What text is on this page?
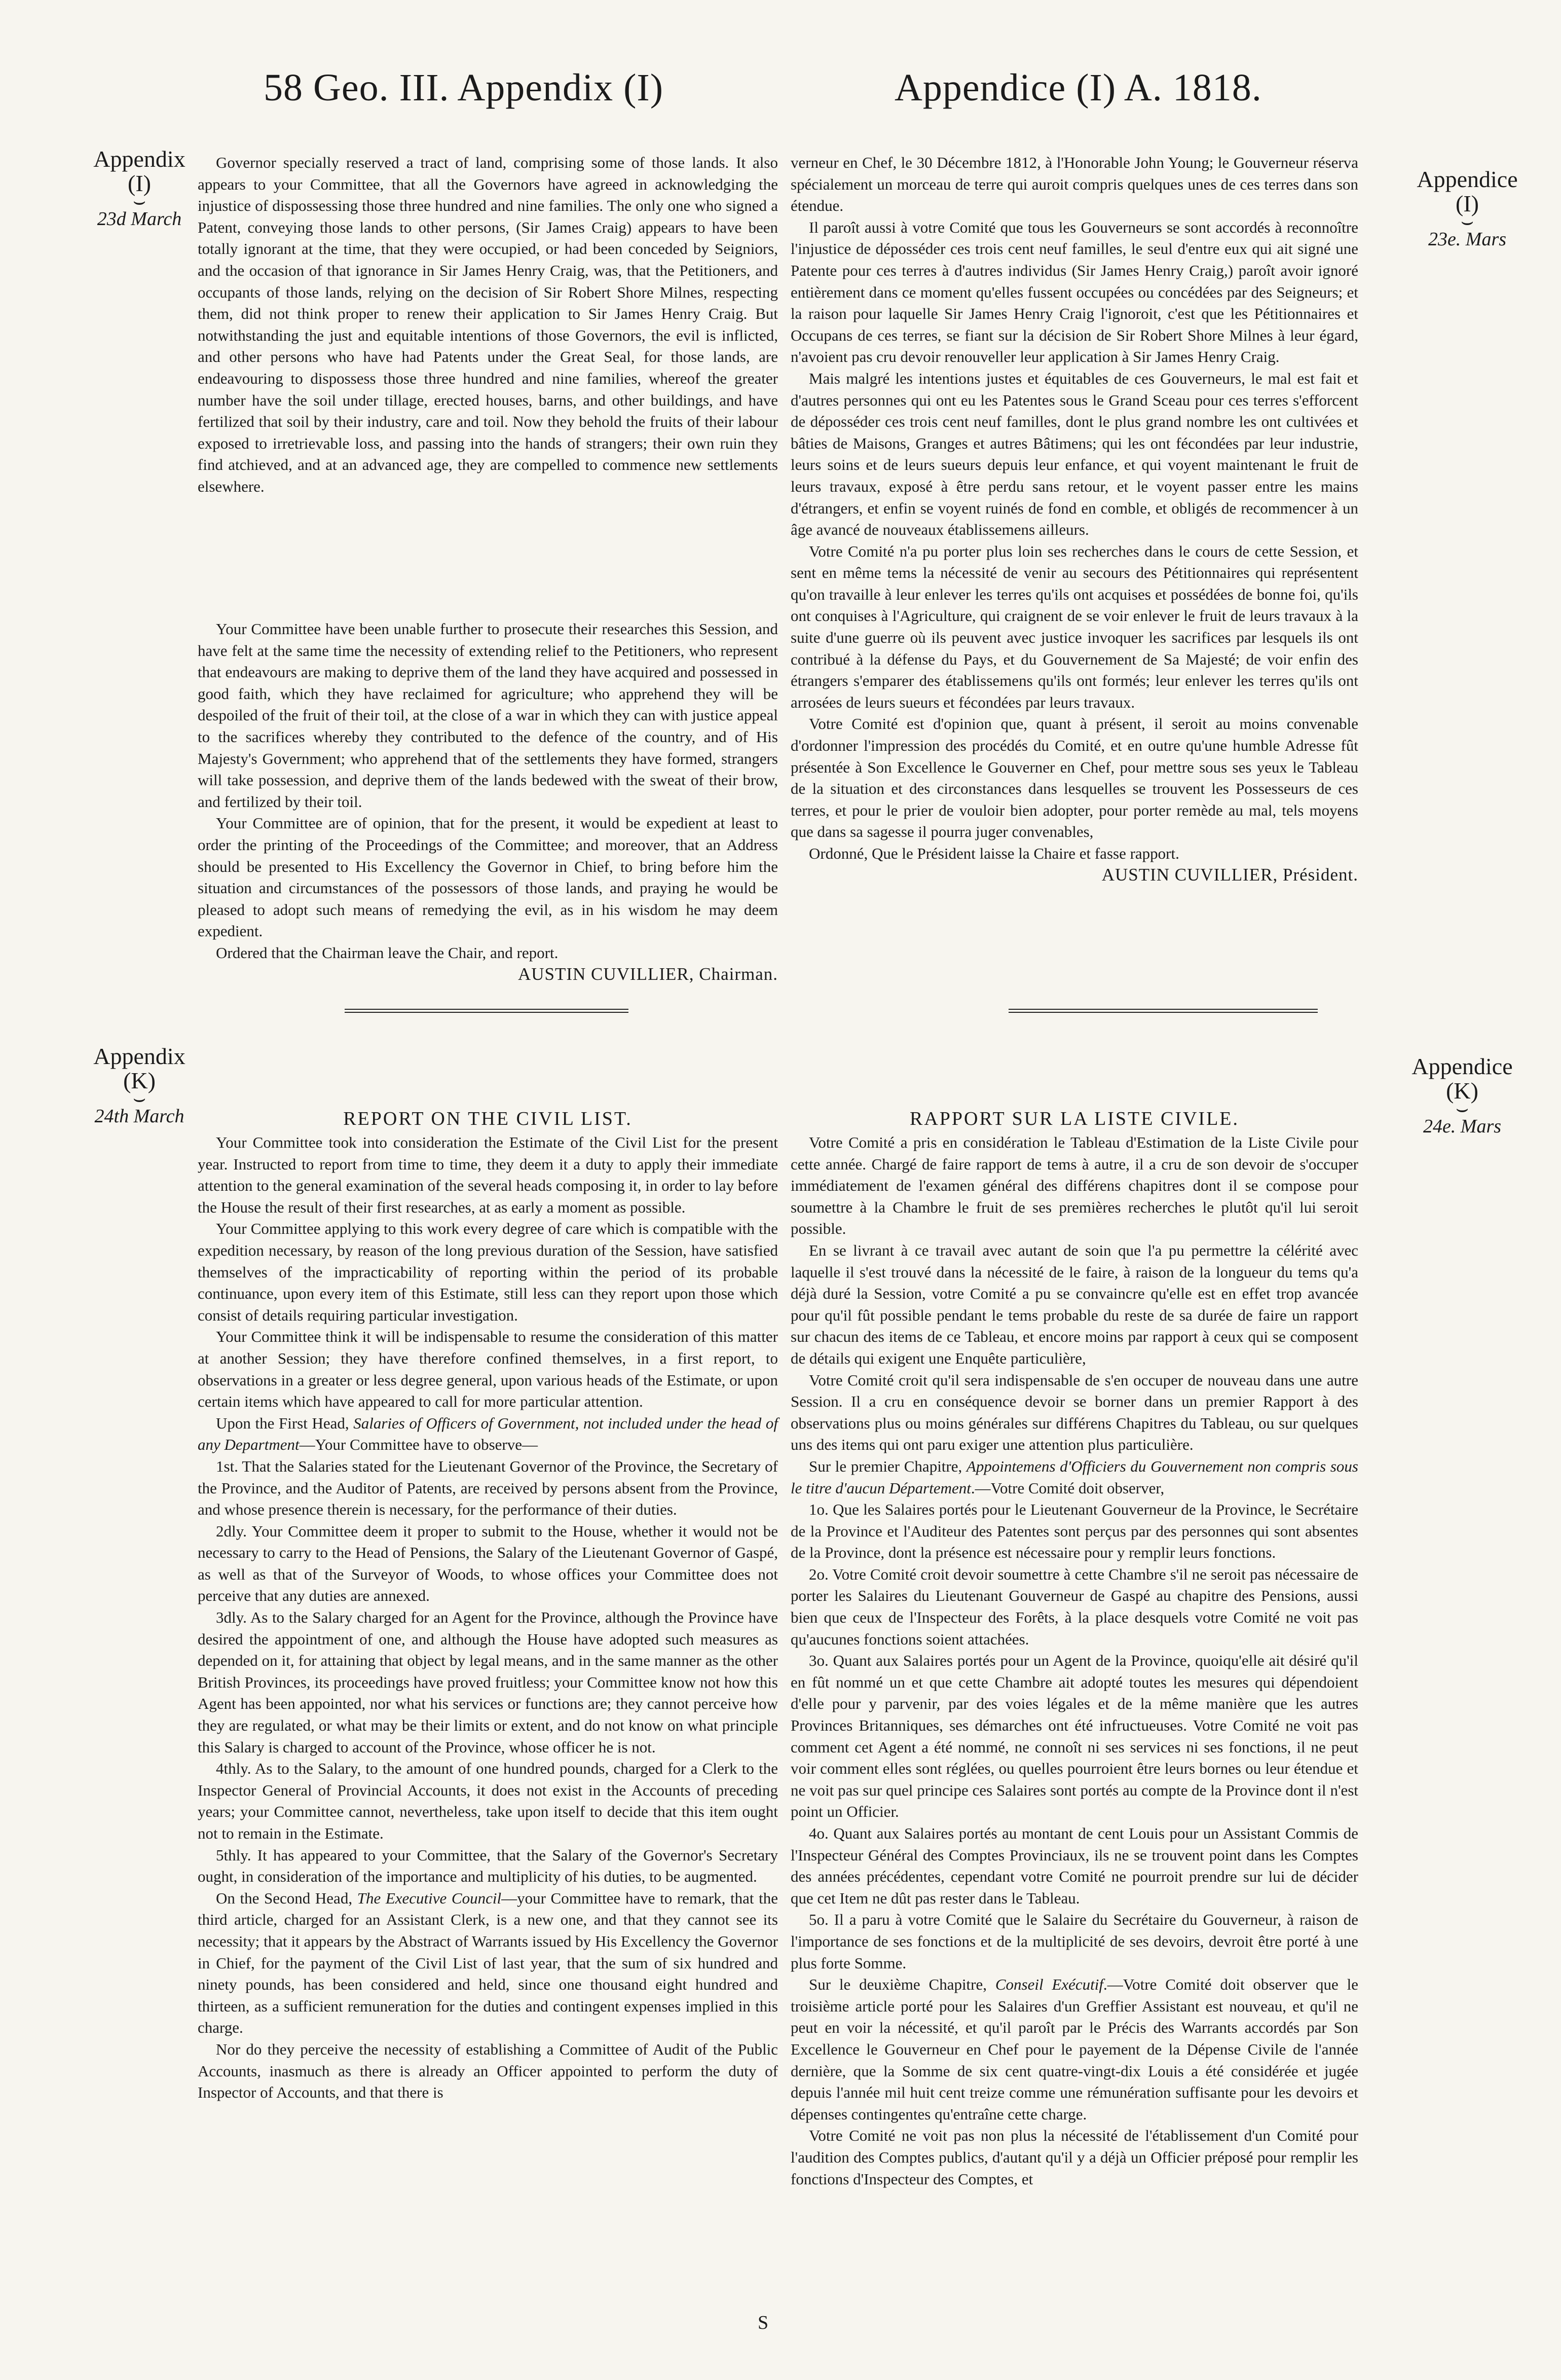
58 Geo. III. Appendix (I)	Appendice (I) A. 1818.
Appendix
(I)
⌣
23d March
Appendice
(I)
⌣
23e. Mars
Appendix
(K)
⌣
24th March
Appendice
(K)
⌣
24e. Mars

Governor specially reserved a tract of land, comprising some of those lands. It also appears to your Committee, that all the Governors have agreed in acknowledging the injustice of dispossessing those three hundred and nine families. The only one who signed a Patent, conveying those lands to other persons, (Sir James Craig) appears to have been totally ignorant at the time, that they were occupied, or had been conceded by Seigniors, and the occasion of that ignorance in Sir James Henry Craig, was, that the Petitioners, and occupants of those lands, relying on the decision of Sir Robert Shore Milnes, respecting them, did not think proper to renew their application to Sir James Henry Craig. But notwithstanding the just and equitable intentions of those Governors, the evil is inflicted, and other persons who have had Patents under the Great Seal, for those lands, are endeavouring to dispossess those three hundred and nine families, whereof the greater number have the soil under tillage, erected houses, barns, and other buildings, and have fertilized that soil by their industry, care and toil. Now they behold the fruits of their labour exposed to irretrievable loss, and passing into the hands of strangers; their own ruin they find atchieved, and at an advanced age, they are compelled to commence new settlements elsewhere.

Your Committee have been unable further to prosecute their researches this Session, and have felt at the same time the necessity of extending relief to the Petitioners, who represent that endeavours are making to deprive them of the land they have acquired and possessed in good faith, which they have reclaimed for agriculture; who apprehend they will be despoiled of the fruit of their toil, at the close of a war in which they can with justice appeal to the sacrifices whereby they contributed to the defence of the country, and of His Majesty's Government; who apprehend that of the settlements they have formed, strangers will take possession, and deprive them of the lands bedewed with the sweat of their brow, and fertilized by their toil.

Your Committee are of opinion, that for the present, it would be expedient at least to order the printing of the Proceedings of the Committee; and moreover, that an Address should be presented to His Excellency the Governor in Chief, to bring before him the situation and circumstances of the possessors of those lands, and praying he would be pleased to adopt such means of remedying the evil, as in his wisdom he may deem expedient.

Ordered that the Chairman leave the Chair, and report.

AUSTIN CUVILLIER, Chairman.

verneur en Chef, le 30 Décembre 1812, à l'Honorable John Young; le Gouverneur réserva spécialement un morceau de terre qui auroit compris quelques unes de ces terres dans son étendue.

Il paroît aussi à votre Comité que tous les Gouverneurs se sont accordés à reconnoître l'injustice de déposséder ces trois cent neuf familles, le seul d'entre eux qui ait signé une Patente pour ces terres à d'autres individus (Sir James Henry Craig,) paroît avoir ignoré entièrement dans ce moment qu'elles fussent occupées ou concédées par des Seigneurs; et la raison pour laquelle Sir James Henry Craig l'ignoroit, c'est que les Pétitionnaires et Occupans de ces terres, se fiant sur la décision de Sir Robert Shore Milnes à leur égard, n'avoient pas cru devoir renouveller leur application à Sir James Henry Craig.

Mais malgré les intentions justes et équitables de ces Gouverneurs, le mal est fait et d'autres personnes qui ont eu les Patentes sous le Grand Sceau pour ces terres s'efforcent de déposséder ces trois cent neuf familles, dont le plus grand nombre les ont cultivées et bâties de Maisons, Granges et autres Bâtimens; qui les ont fécondées par leur industrie, leurs soins et de leurs sueurs depuis leur enfance, et qui voyent maintenant le fruit de leurs travaux, exposé à être perdu sans retour, et le voyent passer entre les mains d'étrangers, et enfin se voyent ruinés de fond en comble, et obligés de recommencer à un âge avancé de nouveaux établissemens ailleurs.

Votre Comité n'a pu porter plus loin ses recherches dans le cours de cette Session, et sent en même tems la nécessité de venir au secours des Pétitionnaires qui représentent qu'on travaille à leur enlever les terres qu'ils ont acquises et possédées de bonne foi, qu'ils ont conquises à l'Agriculture, qui craignent de se voir enlever le fruit de leurs travaux à la suite d'une guerre où ils peuvent avec justice invoquer les sacrifices par lesquels ils ont contribué à la défense du Pays, et du Gouvernement de Sa Majesté; de voir enfin des étrangers s'emparer des établissemens qu'ils ont formés; leur enlever les terres qu'ils ont arrosées de leurs sueurs et fécondées par leurs travaux.

Votre Comité est d'opinion que, quant à présent, il seroit au moins convenable d'ordonner l'impression des procédés du Comité, et en outre qu'une humble Adresse fût présentée à Son Excellence le Gouverner en Chef, pour mettre sous ses yeux le Tableau de la situation et des circonstances dans lesquelles se trouvent les Possesseurs de ces terres, et pour le prier de vouloir bien adopter, pour porter remède au mal, tels moyens que dans sa sagesse il pourra juger convenables,

Ordonné, Que le Président laisse la Chaire et fasse rapport.

AUSTIN CUVILLIER, Président.
REPORT ON THE CIVIL LIST.

Your Committee took into consideration the Estimate of the Civil List for the present year. Instructed to report from time to time, they deem it a duty to apply their immediate attention to the general examination of the several heads composing it, in order to lay before the House the result of their first researches, at as early a moment as possible.

Your Committee applying to this work every degree of care which is compatible with the expedition necessary, by reason of the long previous duration of the Session, have satisfied themselves of the impracticability of reporting within the period of its probable continuance, upon every item of this Estimate, still less can they report upon those which consist of details requiring particular investigation.

Your Committee think it will be indispensable to resume the consideration of this matter at another Session; they have therefore confined themselves, in a first report, to observations in a greater or less degree general, upon various heads of the Estimate, or upon certain items which have appeared to call for more particular attention.

Upon the First Head, Salaries of Officers of Government, not included under the head of any Department—Your Committee have to observe—

1st. That the Salaries stated for the Lieutenant Governor of the Province, the Secretary of the Province, and the Auditor of Patents, are received by persons absent from the Province, and whose presence therein is necessary, for the performance of their duties.

2dly. Your Committee deem it proper to submit to the House, whether it would not be necessary to carry to the Head of Pensions, the Salary of the Lieutenant Governor of Gaspé, as well as that of the Surveyor of Woods, to whose offices your Committee does not perceive that any duties are annexed.

3dly. As to the Salary charged for an Agent for the Province, although the Province have desired the appointment of one, and although the House have adopted such measures as depended on it, for attaining that object by legal means, and in the same manner as the other British Provinces, its proceedings have proved fruitless; your Committee know not how this Agent has been appointed, nor what his services or functions are; they cannot perceive how they are regulated, or what may be their limits or extent, and do not know on what principle this Salary is charged to account of the Province, whose officer he is not.

4thly. As to the Salary, to the amount of one hundred pounds, charged for a Clerk to the Inspector General of Provincial Accounts, it does not exist in the Accounts of preceding years; your Committee cannot, nevertheless, take upon itself to decide that this item ought not to remain in the Estimate.

5thly. It has appeared to your Committee, that the Salary of the Governor's Secretary ought, in consideration of the importance and multiplicity of his duties, to be augmented.

On the Second Head, The Executive Council—your Committee have to remark, that the third article, charged for an Assistant Clerk, is a new one, and that they cannot see its necessity; that it appears by the Abstract of Warrants issued by His Excellency the Governor in Chief, for the payment of the Civil List of last year, that the sum of six hundred and ninety pounds, has been considered and held, since one thousand eight hundred and thirteen, as a sufficient remuneration for the duties and contingent expenses implied in this charge.

Nor do they perceive the necessity of establishing a Committee of Audit of the Public Accounts, inasmuch as there is already an Officer appointed to perform the duty of Inspector of Accounts, and that there is

RAPPORT SUR LA LISTE CIVILE.

Votre Comité a pris en considération le Tableau d'Estimation de la Liste Civile pour cette année. Chargé de faire rapport de tems à autre, il a cru de son devoir de s'occuper immédiatement de l'examen général des différens chapitres dont il se compose pour soumettre à la Chambre le fruit de ses premières recherches le plutôt qu'il lui seroit possible.

En se livrant à ce travail avec autant de soin que l'a pu permettre la célérité avec laquelle il s'est trouvé dans la nécessité de le faire, à raison de la longueur du tems qu'a déjà duré la Session, votre Comité a pu se convaincre qu'elle est en effet trop avancée pour qu'il fût possible pendant le tems probable du reste de sa durée de faire un rapport sur chacun des items de ce Tableau, et encore moins par rapport à ceux qui se composent de détails qui exigent une Enquête particulière,

Votre Comité croit qu'il sera indispensable de s'en occuper de nouveau dans une autre Session. Il a cru en conséquence devoir se borner dans un premier Rapport à des observations plus ou moins générales sur différens Chapitres du Tableau, ou sur quelques uns des items qui ont paru exiger une attention plus particulière.

Sur le premier Chapitre, Appointemens d'Officiers du Gouvernement non compris sous le titre d'aucun Département.—Votre Comité doit observer,

1o. Que les Salaires portés pour le Lieutenant Gouverneur de la Province, le Secrétaire de la Province et l'Auditeur des Patentes sont perçus par des personnes qui sont absentes de la Province, dont la présence est nécessaire pour y remplir leurs fonctions.

2o. Votre Comité croit devoir soumettre à cette Chambre s'il ne seroit pas nécessaire de porter les Salaires du Lieutenant Gouverneur de Gaspé au chapitre des Pensions, aussi bien que ceux de l'Inspecteur des Forêts, à la place desquels votre Comité ne voit pas qu'aucunes fonctions soient attachées.

3o. Quant aux Salaires portés pour un Agent de la Province, quoiqu'elle ait désiré qu'il en fût nommé un et que cette Chambre ait adopté toutes les mesures qui dépendoient d'elle pour y parvenir, par des voies légales et de la même manière que les autres Provinces Britanniques, ses démarches ont été infructueuses. Votre Comité ne voit pas comment cet Agent a été nommé, ne connoît ni ses services ni ses fonctions, il ne peut voir comment elles sont réglées, ou quelles pourroient être leurs bornes ou leur étendue et ne voit pas sur quel principe ces Salaires sont portés au compte de la Province dont il n'est point un Officier.

4o. Quant aux Salaires portés au montant de cent Louis pour un Assistant Commis de l'Inspecteur Général des Comptes Provinciaux, ils ne se trouvent point dans les Comptes des années précédentes, cependant votre Comité ne pourroit prendre sur lui de décider que cet Item ne dût pas rester dans le Tableau.

5o. Il a paru à votre Comité que le Salaire du Secrétaire du Gouverneur, à raison de l'importance de ses fonctions et de la multiplicité de ses devoirs, devroit être porté à une plus forte Somme.

Sur le deuxième Chapitre, Conseil Exécutif.—Votre Comité doit observer que le troisième article porté pour les Salaires d'un Greffier Assistant est nouveau, et qu'il ne peut en voir la nécessité, et qu'il paroît par le Précis des Warrants accordés par Son Excellence le Gouverneur en Chef pour le payement de la Dépense Civile de l'année dernière, que la Somme de six cent quatre-vingt-dix Louis a été considérée et jugée depuis l'année mil huit cent treize comme une rémunération suffisante pour les devoirs et dépenses contingentes qu'entraîne cette charge.

Votre Comité ne voit pas non plus la nécessité de l'établissement d'un Comité pour l'audition des Comptes publics, d'autant qu'il y a déjà un Officier préposé pour remplir les fonctions d'Inspecteur des Comptes, et

S
